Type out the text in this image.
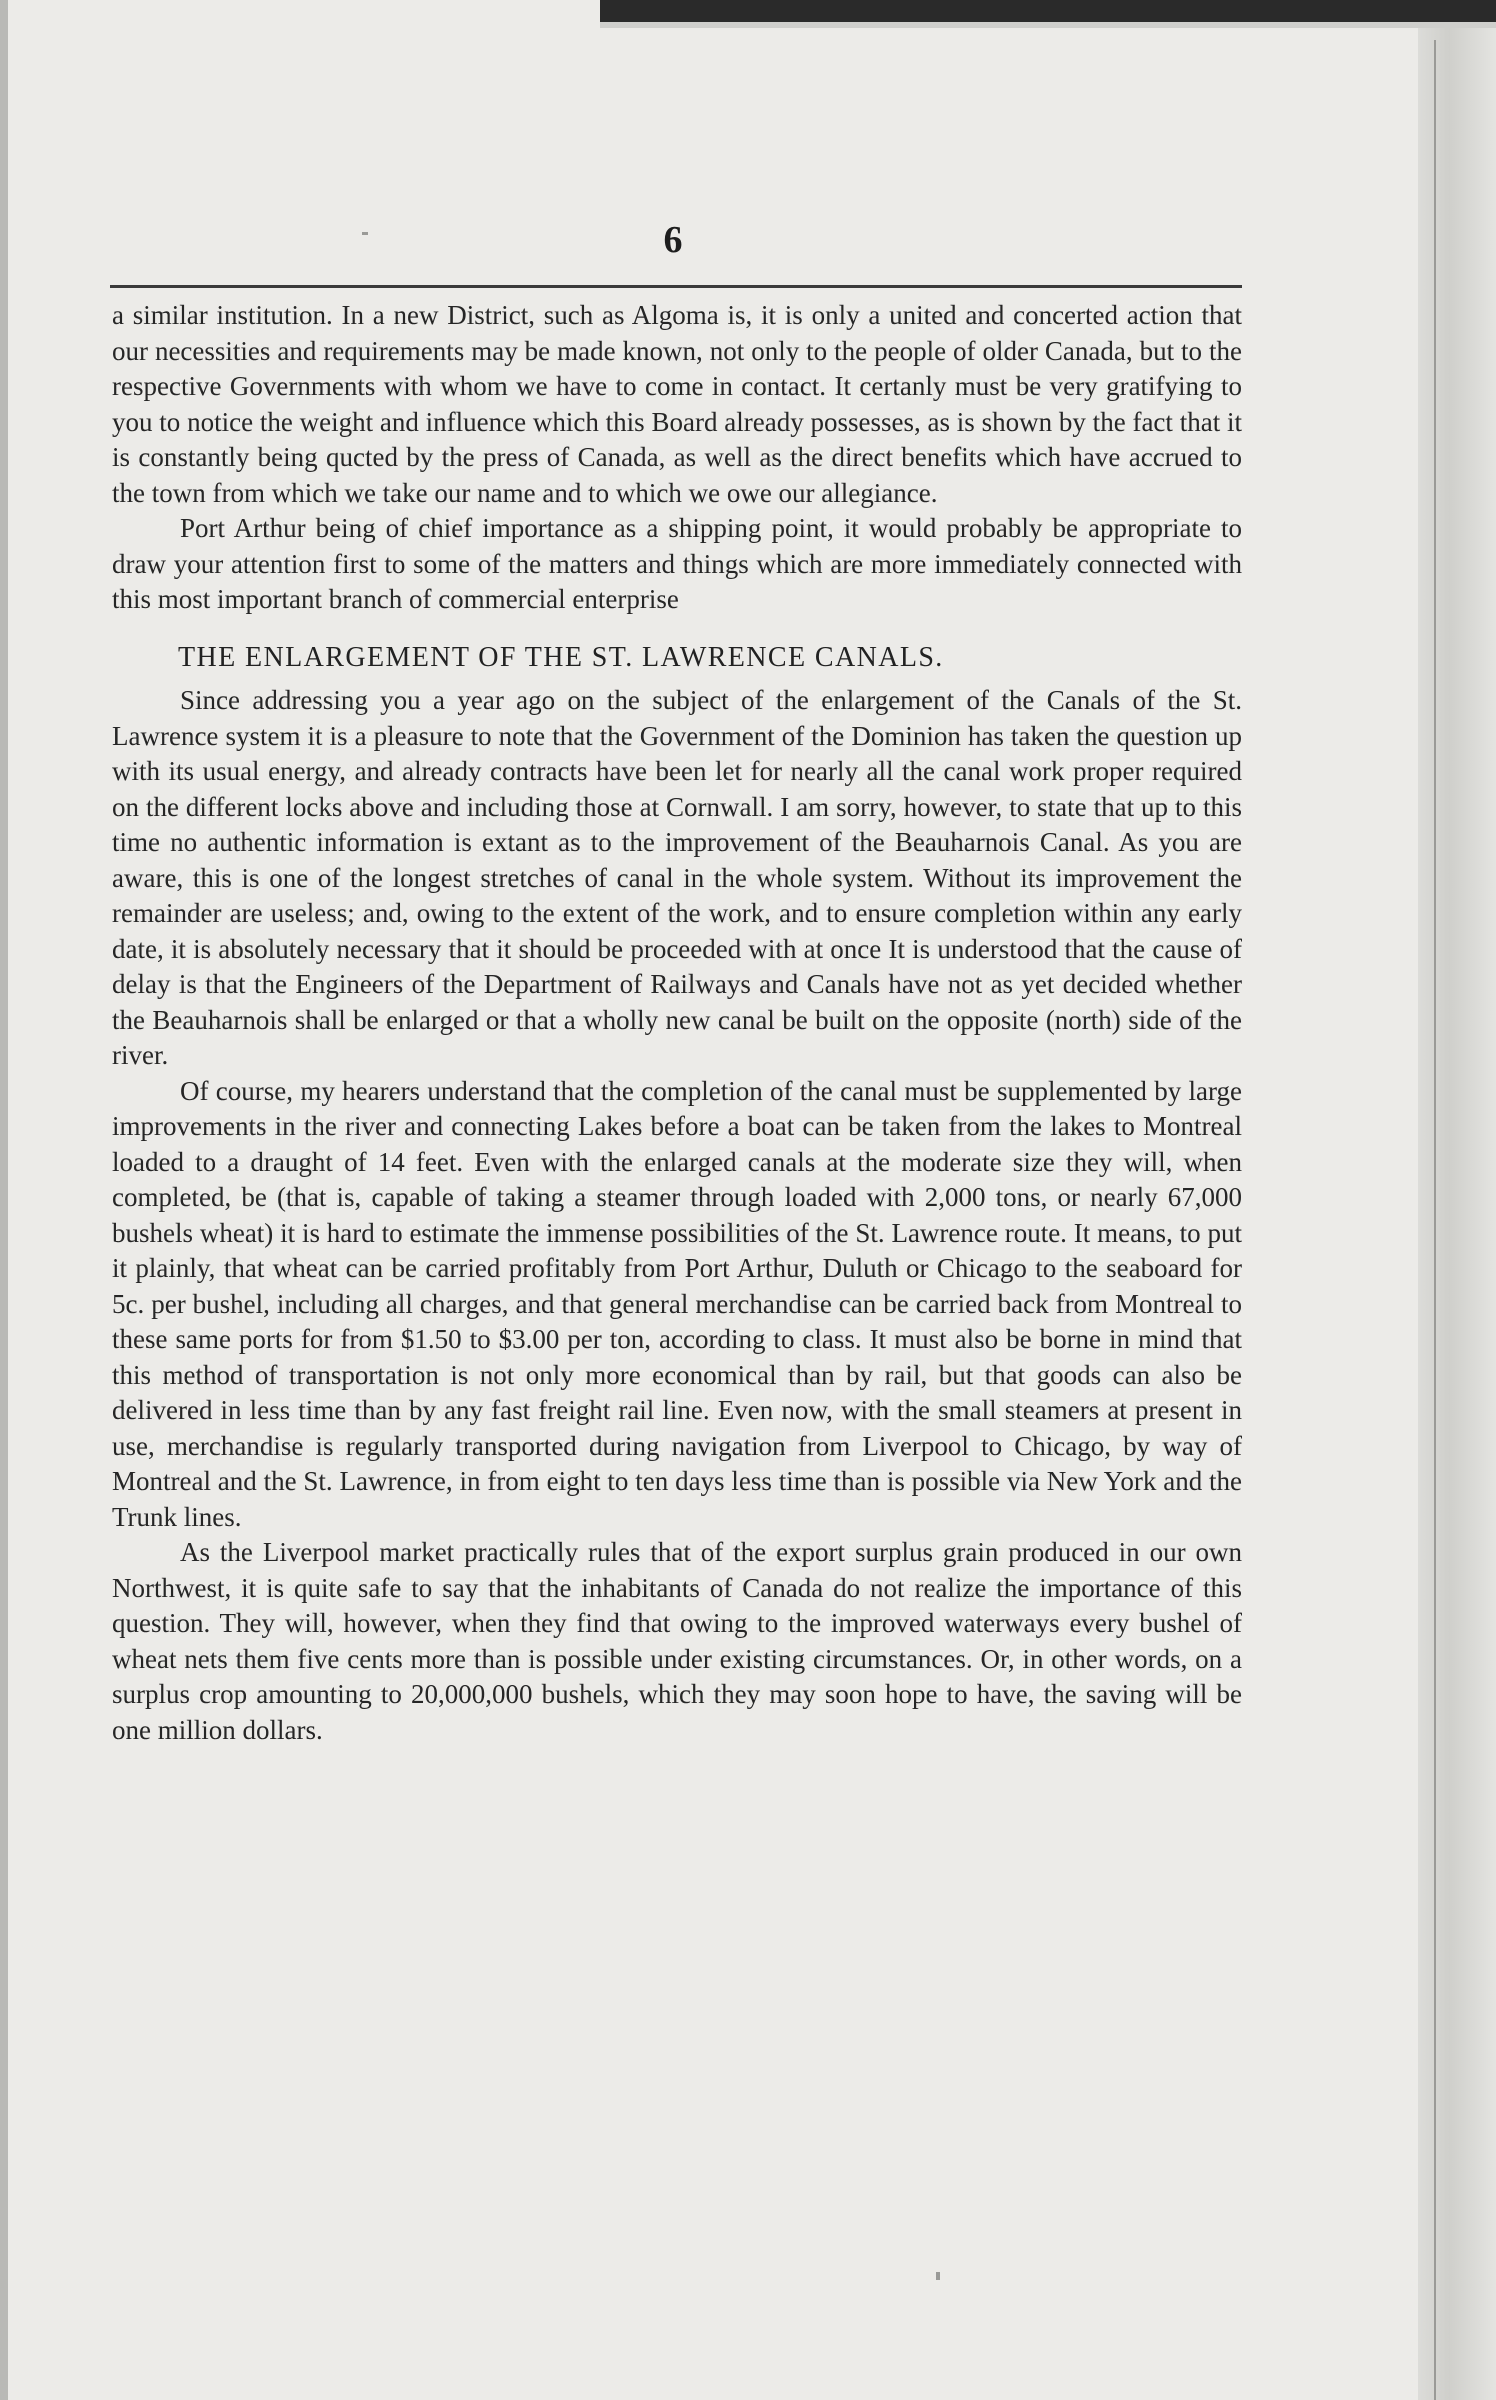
6

a similar institution. In a new District, such as Algoma is, it is only a united and concerted action that our necessities and requirements may be made known, not only to the people of older Canada, but to the respective Governments with whom we have to come in contact. It certanly must be very gratifying to you to notice the weight and influence which this Board already possesses, as is shown by the fact that it is constantly being qucted by the press of Canada, as well as the direct benefits which have accrued to the town from which we take our name and to which we owe our allegiance.

Port Arthur being of chief importance as a shipping point, it would probably be appropriate to draw your attention first to some of the matters and things which are more immediately connected with this most important branch of commercial enterprise

THE ENLARGEMENT OF THE ST. LAWRENCE CANALS.

Since addressing you a year ago on the subject of the enlargement of the Canals of the St. Lawrence system it is a pleasure to note that the Government of the Dominion has taken the question up with its usual energy, and already contracts have been let for nearly all the canal work proper required on the different locks above and including those at Cornwall. I am sorry, however, to state that up to this time no authentic information is extant as to the improvement of the Beauharnois Canal. As you are aware, this is one of the longest stretches of canal in the whole system. Without its improvement the remainder are useless; and, owing to the extent of the work, and to ensure completion within any early date, it is absolutely necessary that it should be proceeded with at once It is understood that the cause of delay is that the Engineers of the Department of Railways and Canals have not as yet decided whether the Beauharnois shall be enlarged or that a wholly new canal be built on the opposite (north) side of the river.

Of course, my hearers understand that the completion of the canal must be supplemented by large improvements in the river and connecting Lakes before a boat can be taken from the lakes to Montreal loaded to a draught of 14 feet. Even with the enlarged canals at the moderate size they will, when completed, be (that is, capable of taking a steamer through loaded with 2,000 tons, or nearly 67,000 bushels wheat) it is hard to estimate the immense possibilities of the St. Lawrence route. It means, to put it plainly, that wheat can be carried profitably from Port Arthur, Duluth or Chicago to the seaboard for 5c. per bushel, including all charges, and that general merchandise can be carried back from Montreal to these same ports for from $1.50 to $3.00 per ton, according to class. It must also be borne in mind that this method of transportation is not only more economical than by rail, but that goods can also be delivered in less time than by any fast freight rail line. Even now, with the small steamers at present in use, merchandise is regularly transported during navigation from Liverpool to Chicago, by way of Montreal and the St. Lawrence, in from eight to ten days less time than is possible via New York and the Trunk lines.

As the Liverpool market practically rules that of the export surplus grain produced in our own Northwest, it is quite safe to say that the inhabitants of Canada do not realize the importance of this question. They will, however, when they find that owing to the improved waterways every bushel of wheat nets them five cents more than is possible under existing circumstances. Or, in other words, on a surplus crop amounting to 20,000,000 bushels, which they may soon hope to have, the saving will be one million dollars.
